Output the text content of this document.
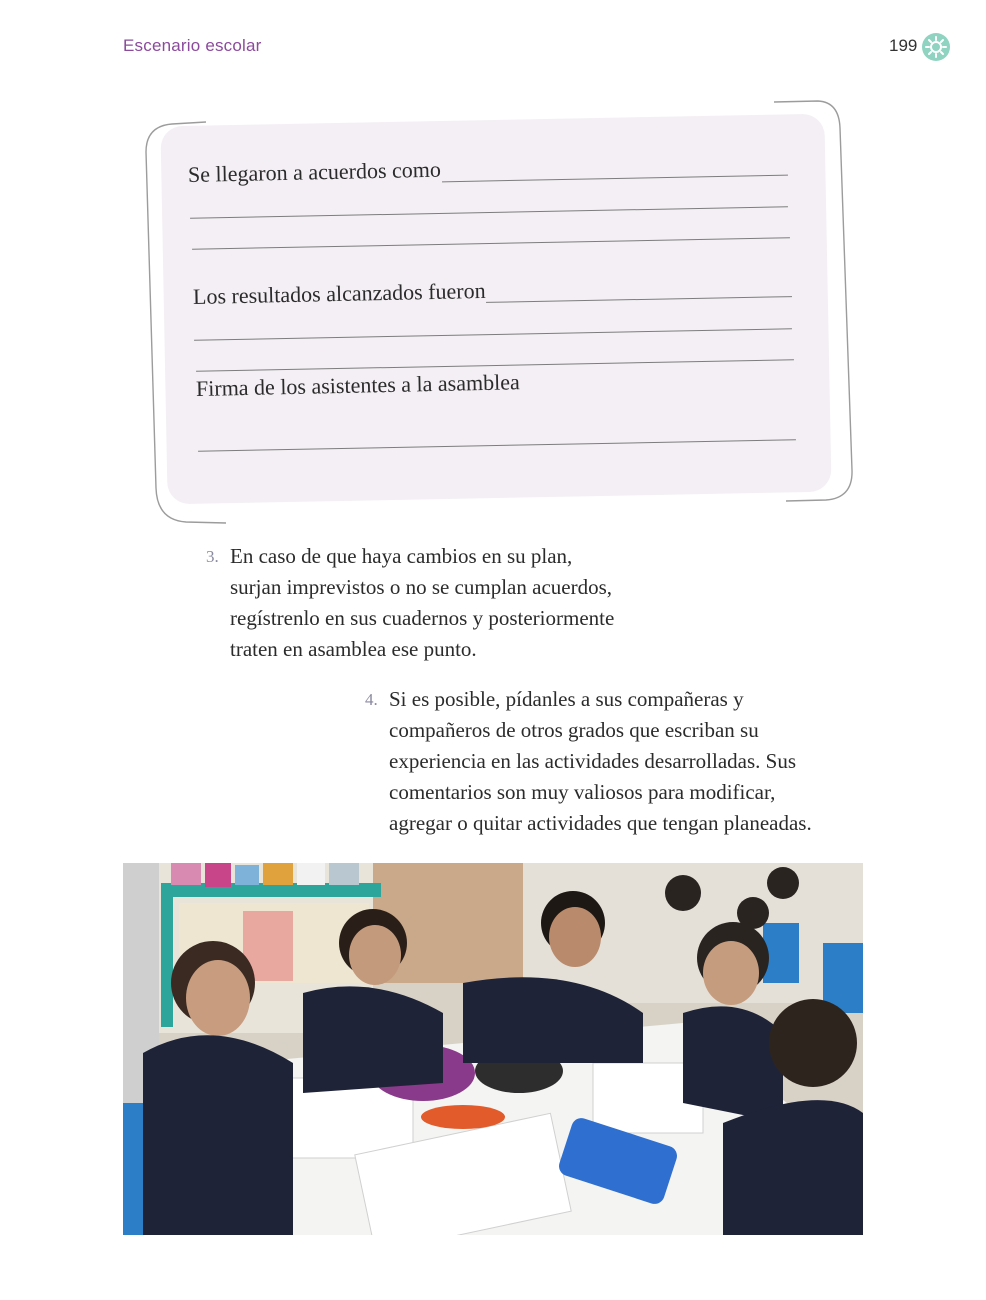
Escenario escolar	199
Se llegaron a acuerdos como
Los resultados alcanzados fueron
Firma de los asistentes a la asamblea
3. En caso de que haya cambios en su plan,

surjan imprevistos o no se cumplan acuerdos,

regístrenlo en sus cuadernos y posteriormente

traten en asamblea ese punto.

4. Si es posible, pídanles a sus compañeras y

compañeros de otros grados que escriban su

experiencia en las actividades desarrolladas. Sus

comentarios son muy valiosos para modificar,

agregar o quitar actividades que tengan planeadas.
